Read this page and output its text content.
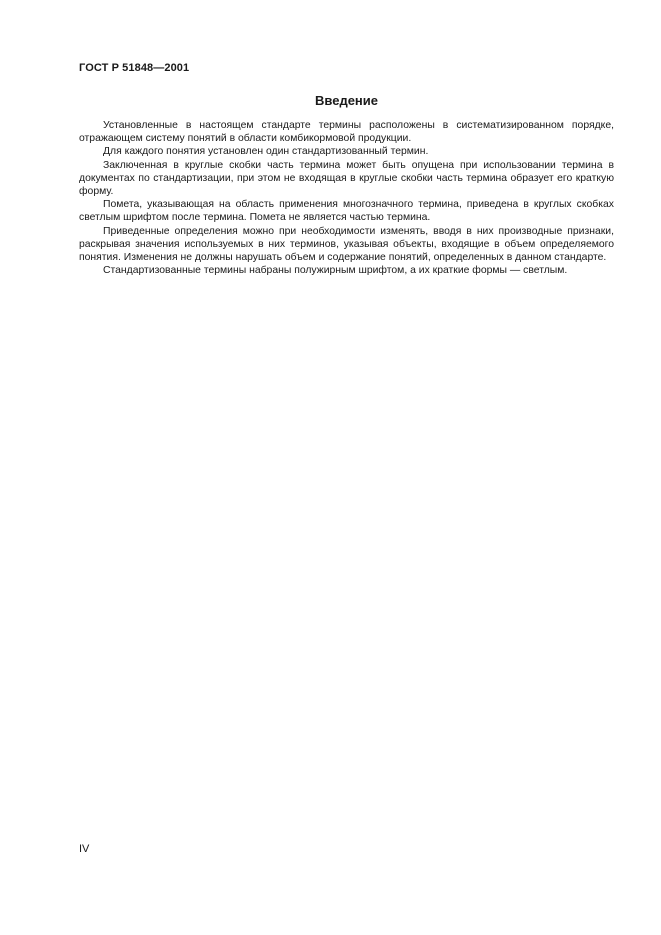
ГОСТ Р 51848—2001
Введение

Установленные в настоящем стандарте термины расположены в систематизированном порядке, отражающем систему понятий в области комбикормовой продукции.

Для каждого понятия установлен один стандартизованный термин.

Заключенная в круглые скобки часть термина может быть опущена при использовании термина в документах по стандартизации, при этом не входящая в круглые скобки часть термина образует его краткую форму.

Помета, указывающая на область применения многозначного термина, приведена в круглых скобках светлым шрифтом после термина. Помета не является частью термина.

Приведенные определения можно при необходимости изменять, вводя в них производные признаки, раскрывая значения используемых в них терминов, указывая объекты, входящие в объем определяемого понятия. Изменения не должны нарушать объем и содержание понятий, определенных в данном стандарте.

Стандартизованные термины набраны полужирным шрифтом, а их краткие формы — светлым.

IV
